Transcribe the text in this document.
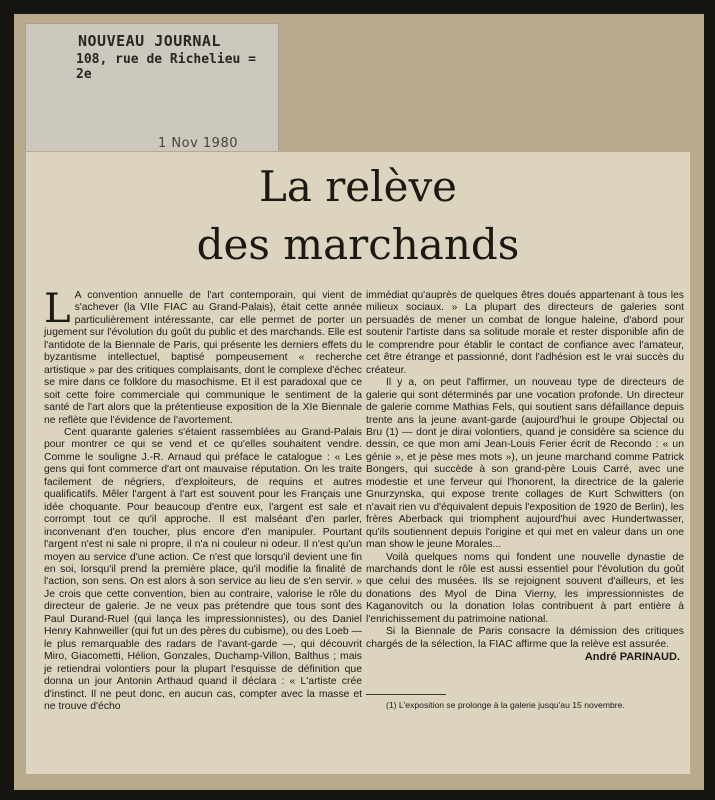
NOUVEAU JOURNAL

108, rue de Richelieu = 2e

1 Nov 1980

La relève
des marchands

L A convention annuelle de l'art contemporain, qui vient de s'achever (la VIIe FIAC au Grand-Palais), était cette année particulièrement intéressante, car elle permet de porter un jugement sur l'évolution du goût du public et des marchands. Elle est l'antidote de la Biennale de Paris, qui présente les derniers effets du byzantisme intellectuel, baptisé pompeusement « recherche artistique » par des critiques complaisants, dont le complexe d'échec se mire dans ce folklore du masochisme. Et il est paradoxal que ce soit cette foire commerciale qui communique le sentiment de la santé de l'art alors que la prétentieuse exposition de la XIe Biennale ne reflète que l'évidence de l'avortement.

Cent quarante galeries s'étaient rassemblées au Grand-Palais pour montrer ce qui se vend et ce qu'elles souhaitent vendre. Comme le souligne J.-R. Arnaud qui préface le catalogue : « Les gens qui font commerce d'art ont mauvaise réputation. On les traite facilement de négriers, d'exploiteurs, de requins et autres qualificatifs. Mêler l'argent à l'art est souvent pour les Français une idée choquante. Pour beaucoup d'entre eux, l'argent est sale et corrompt tout ce qu'il approche. Il est malséant d'en parler, inconvenant d'en toucher, plus encore d'en manipuler. Pourtant l'argent n'est ni sale ni propre, il n'a ni couleur ni odeur. Il n'est qu'un moyen au service d'une action. Ce n'est que lorsqu'il devient une fin en soi, lorsqu'il prend la première place, qu'il modifie la finalité de l'action, son sens. On est alors à son service au lieu de s'en servir. » Je crois que cette convention, bien au contraire, valorise le rôle du directeur de galerie. Je ne veux pas prétendre que tous sont des Paul Durand-Ruel (qui lança les impressionnistes), ou des Daniel Henry Kahnweiller (qui fut un des pères du cubisme), ou des Loeb — le plus remarquable des radars de l'avant-garde —, qui découvrit Miro, Giacometti, Hélion, Gonzales, Duchamp-Villon, Balthus ; mais je retiendrai volontiers pour la plupart l'esquisse de définition que donna un jour Antonin Arthaud quand il déclara : « L'artiste crée d'instinct. Il ne peut donc, en aucun cas, compter avec la masse et ne trouve d'écho

immédiat qu'auprès de quelques êtres doués appartenant à tous les milieux sociaux. » La plupart des directeurs de galeries sont persuadés de mener un combat de longue haleine, d'abord pour soutenir l'artiste dans sa solitude morale et rester disponible afin de le comprendre pour établir le contact de confiance avec l'amateur, cet être étrange et passionné, dont l'adhésion est le vrai succès du créateur.

Il y a, on peut l'affirmer, un nouveau type de directeurs de galerie qui sont déterminés par une vocation profonde. Un directeur de galerie comme Mathias Fels, qui soutient sans défaillance depuis trente ans la jeune avant-garde (aujourd'hui le groupe Objectal ou Bru (1) — dont je dirai volontiers, quand je considère sa science du dessin, ce que mon ami Jean-Louis Ferier écrit de Recondo : « un génie », et je pèse mes mots »), un jeune marchand comme Patrick Bongers, qui succède à son grand-père Louis Carré, avec une modestie et une ferveur qui l'honorent, la directrice de la galerie Gnurzynska, qui expose trente collages de Kurt Schwitters (on n'avait rien vu d'équivalent depuis l'exposition de 1920 de Berlin), les frères Aberback qui triomphent aujourd'hui avec Hundertwasser, qu'ils soutiennent depuis l'origine et qui met en valeur dans un one man show le jeune Morales...

Voilà quelques noms qui fondent une nouvelle dynastie de marchands dont le rôle est aussi essentiel pour l'évolution du goût que celui des musées. Ils se rejoignent souvent d'ailleurs, et les donations des Myol de Dina Vierny, les impressionnistes de Kaganovitch ou la donation Iolas contribuent à part entière à l'enrichissement du patrimoine national.

Si la Biennale de Paris consacre la démission des critiques chargés de la sélection, la FIAC affirme que la relève est assurée.

André PARINAUD.

(1) L'exposition se prolonge à la galerie jusqu'au 15 novembre.
